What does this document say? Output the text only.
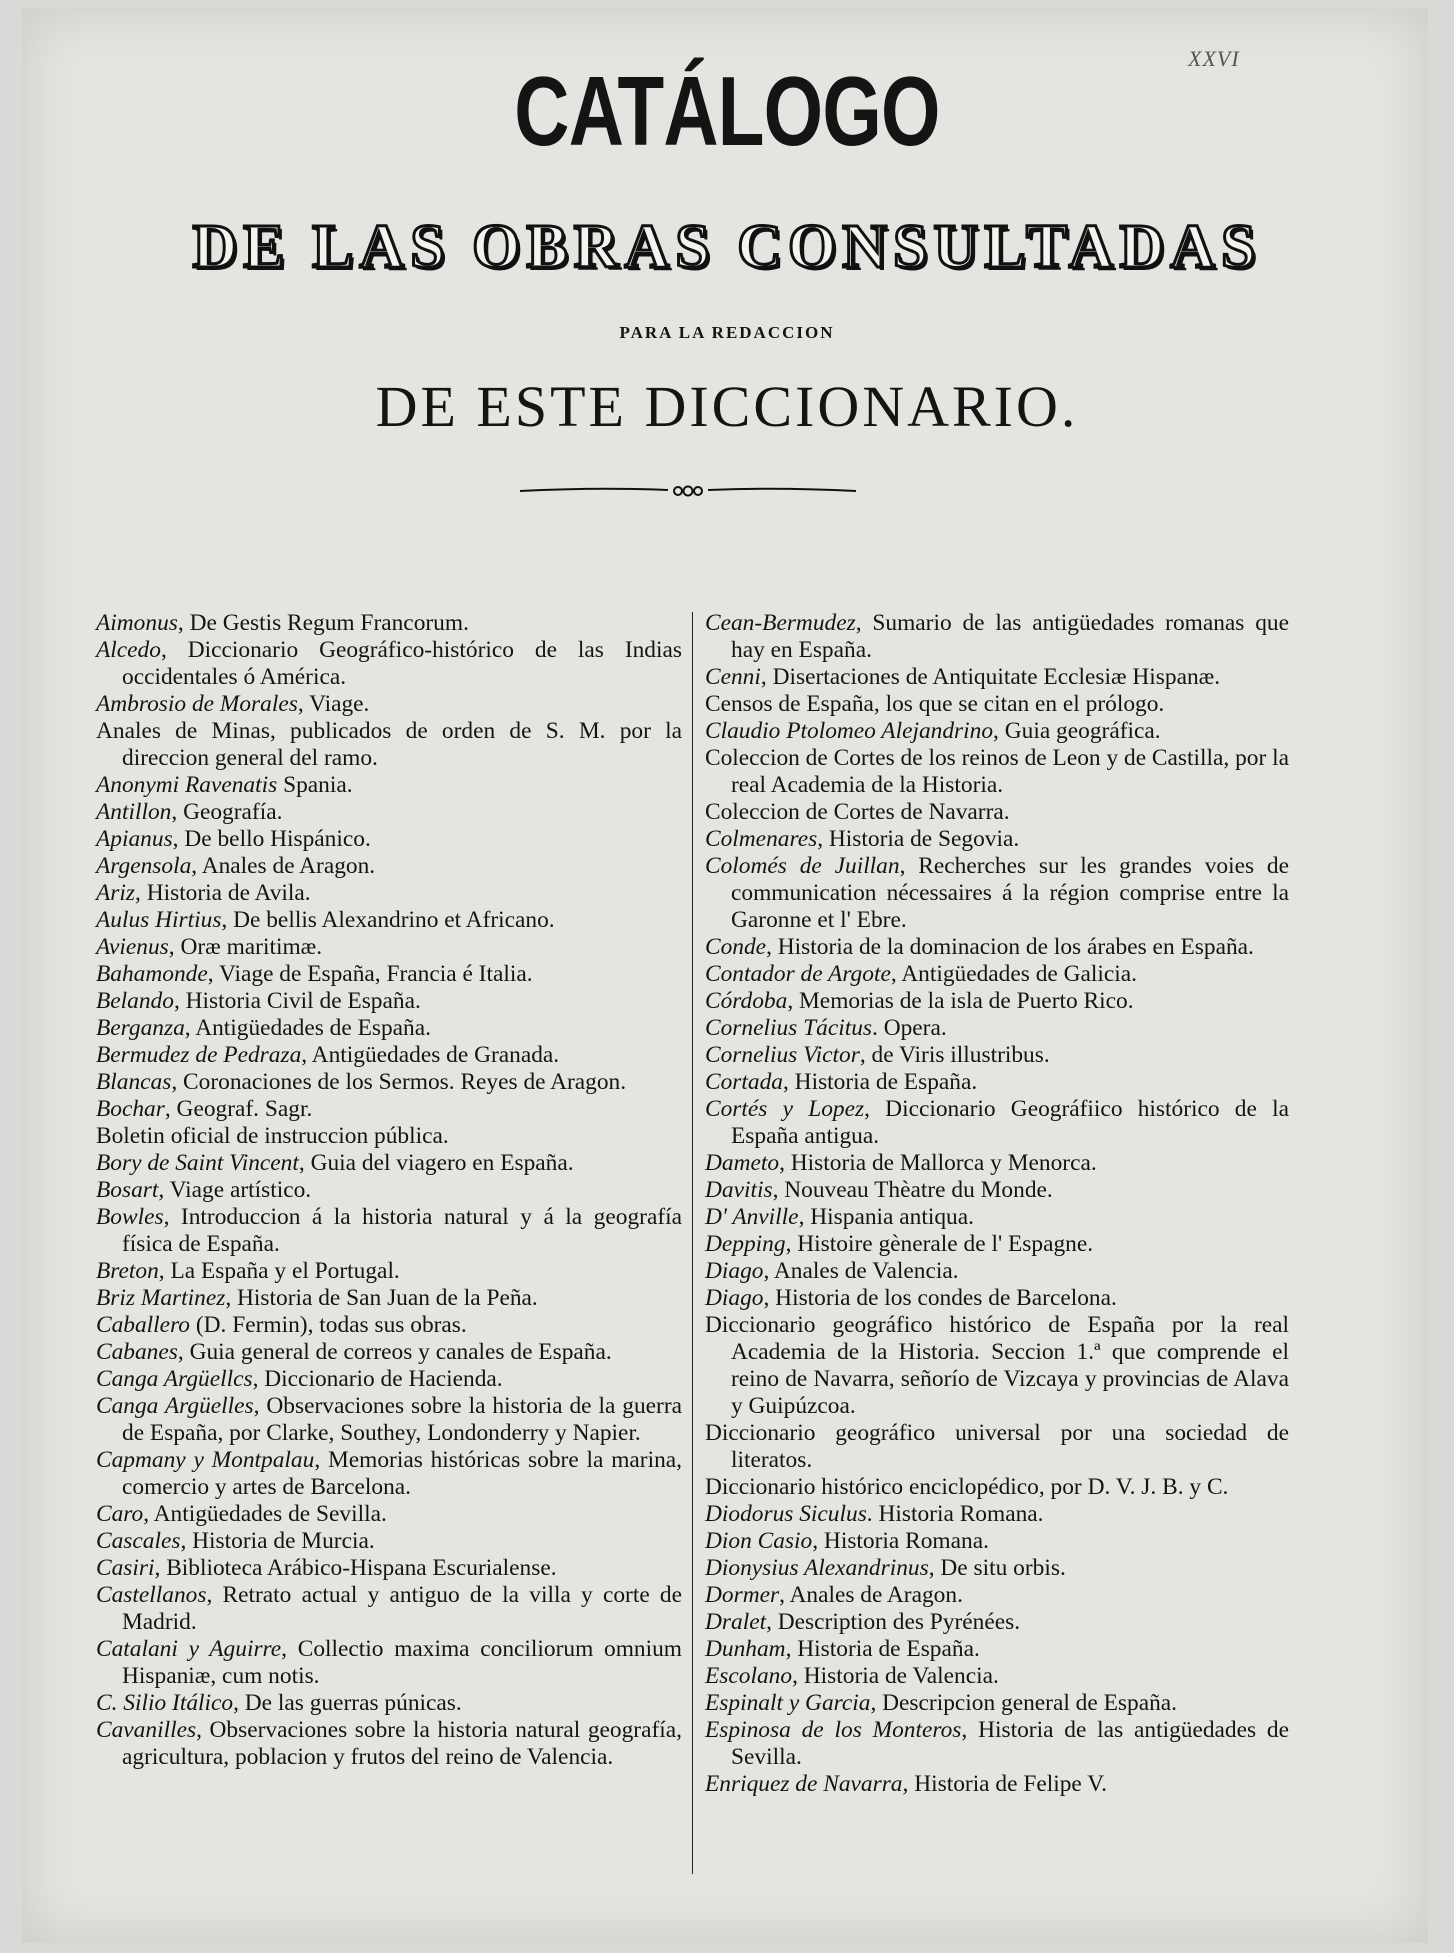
XXVI
CATÁLOGO
DE LAS OBRAS CONSULTADAS
PARA LA REDACCION
DE ESTE DICCIONARIO.
Aimonus, De Gestis Regum Francorum.
Alcedo, Diccionario Geográfico-histórico de las Indias occidentales ó América.
Ambrosio de Morales, Viage.
Anales de Minas, publicados de orden de S. M. por la direccion general del ramo.
Anonymi Ravenatis Spania.
Antillon, Geografía.
Apianus, De bello Hispánico.
Argensola, Anales de Aragon.
Ariz, Historia de Avila.
Aulus Hirtius, De bellis Alexandrino et Africano.
Avienus, Oræ maritimæ.
Bahamonde, Viage de España, Francia é Italia.
Belando, Historia Civil de España.
Berganza, Antigüedades de España.
Bermudez de Pedraza, Antigüedades de Granada.
Blancas, Coronaciones de los Sermos. Reyes de Aragon.
Bochar, Geograf. Sagr.
Boletin oficial de instruccion pública.
Bory de Saint Vincent, Guia del viagero en España.
Bosart, Viage artístico.
Bowles, Introduccion á la historia natural y á la geografía física de España.
Breton, La España y el Portugal.
Briz Martinez, Historia de San Juan de la Peña.
Caballero (D. Fermin), todas sus obras.
Cabanes, Guia general de correos y canales de España.
Canga Argüellcs, Diccionario de Hacienda.
Canga Argüelles, Observaciones sobre la historia de la guerra de España, por Clarke, Southey, Londonderry y Napier.
Capmany y Montpalau, Memorias históricas sobre la marina, comercio y artes de Barcelona.
Caro, Antigüedades de Sevilla.
Cascales, Historia de Murcia.
Casiri, Biblioteca Arábico-Hispana Escurialense.
Castellanos, Retrato actual y antiguo de la villa y corte de Madrid.
Catalani y Aguirre, Collectio maxima conciliorum omnium Hispaniæ, cum notis.
C. Silio Itálico, De las guerras púnicas.
Cavanilles, Observaciones sobre la historia natural geografía, agricultura, poblacion y frutos del reino de Valencia.
Cean-Bermudez, Sumario de las antigüedades romanas que hay en España.
Cenni, Disertaciones de Antiquitate Ecclesiæ Hispanæ.
Censos de España, los que se citan en el prólogo.
Claudio Ptolomeo Alejandrino, Guia geográfica.
Coleccion de Cortes de los reinos de Leon y de Castilla, por la real Academia de la Historia.
Coleccion de Cortes de Navarra.
Colmenares, Historia de Segovia.
Colomés de Juillan, Recherches sur les grandes voies de communication nécessaires á la région comprise entre la Garonne et l' Ebre.
Conde, Historia de la dominacion de los árabes en España.
Contador de Argote, Antigüedades de Galicia.
Córdoba, Memorias de la isla de Puerto Rico.
Cornelius Tácitus. Opera.
Cornelius Victor, de Viris illustribus.
Cortada, Historia de España.
Cortés y Lopez, Diccionario Geográfiico histórico de la España antigua.
Dameto, Historia de Mallorca y Menorca.
Davitis, Nouveau Thèatre du Monde.
D' Anville, Hispania antiqua.
Depping, Histoire gènerale de l' Espagne.
Diago, Anales de Valencia.
Diago, Historia de los condes de Barcelona.
Diccionario geográfico histórico de España por la real Academia de la Historia. Seccion 1.ª que comprende el reino de Navarra, señorío de Vizcaya y provincias de Alava y Guipúzcoa.
Diccionario geográfico universal por una sociedad de literatos.
Diccionario histórico enciclopédico, por D. V. J. B. y C.
Diodorus Siculus. Historia Romana.
Dion Casio, Historia Romana.
Dionysius Alexandrinus, De situ orbis.
Dormer, Anales de Aragon.
Dralet, Description des Pyrénées.
Dunham, Historia de España.
Escolano, Historia de Valencia.
Espinalt y Garcia, Descripcion general de España.
Espinosa de los Monteros, Historia de las antigüedades de Sevilla.
Enriquez de Navarra, Historia de Felipe V.
